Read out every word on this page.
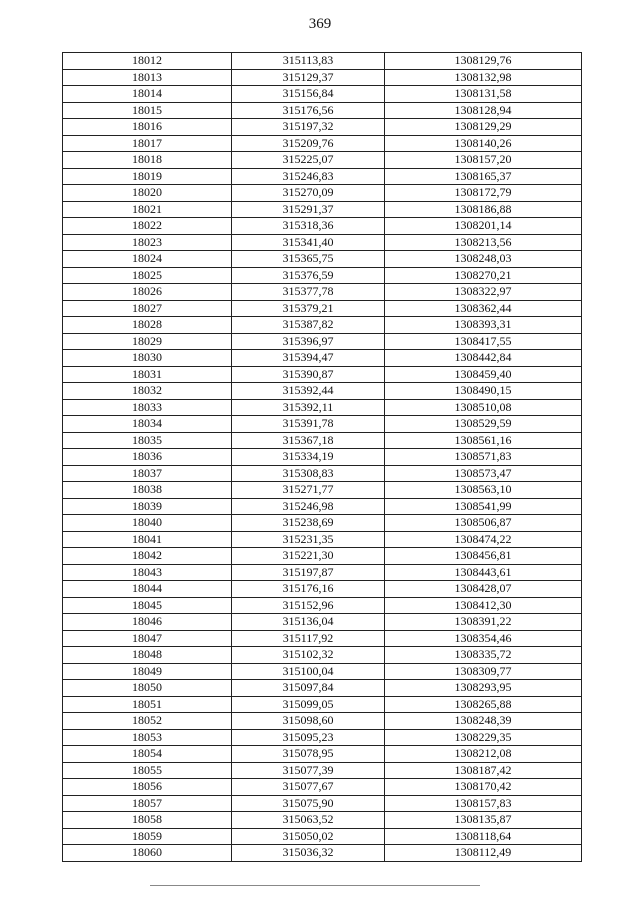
369
18012	315113,83	1308129,76
18013	315129,37	1308132,98
18014	315156,84	1308131,58
18015	315176,56	1308128,94
18016	315197,32	1308129,29
18017	315209,76	1308140,26
18018	315225,07	1308157,20
18019	315246,83	1308165,37
18020	315270,09	1308172,79
18021	315291,37	1308186,88
18022	315318,36	1308201,14
18023	315341,40	1308213,56
18024	315365,75	1308248,03
18025	315376,59	1308270,21
18026	315377,78	1308322,97
18027	315379,21	1308362,44
18028	315387,82	1308393,31
18029	315396,97	1308417,55
18030	315394,47	1308442,84
18031	315390,87	1308459,40
18032	315392,44	1308490,15
18033	315392,11	1308510,08
18034	315391,78	1308529,59
18035	315367,18	1308561,16
18036	315334,19	1308571,83
18037	315308,83	1308573,47
18038	315271,77	1308563,10
18039	315246,98	1308541,99
18040	315238,69	1308506,87
18041	315231,35	1308474,22
18042	315221,30	1308456,81
18043	315197,87	1308443,61
18044	315176,16	1308428,07
18045	315152,96	1308412,30
18046	315136,04	1308391,22
18047	315117,92	1308354,46
18048	315102,32	1308335,72
18049	315100,04	1308309,77
18050	315097,84	1308293,95
18051	315099,05	1308265,88
18052	315098,60	1308248,39
18053	315095,23	1308229,35
18054	315078,95	1308212,08
18055	315077,39	1308187,42
18056	315077,67	1308170,42
18057	315075,90	1308157,83
18058	315063,52	1308135,87
18059	315050,02	1308118,64
18060	315036,32	1308112,49
